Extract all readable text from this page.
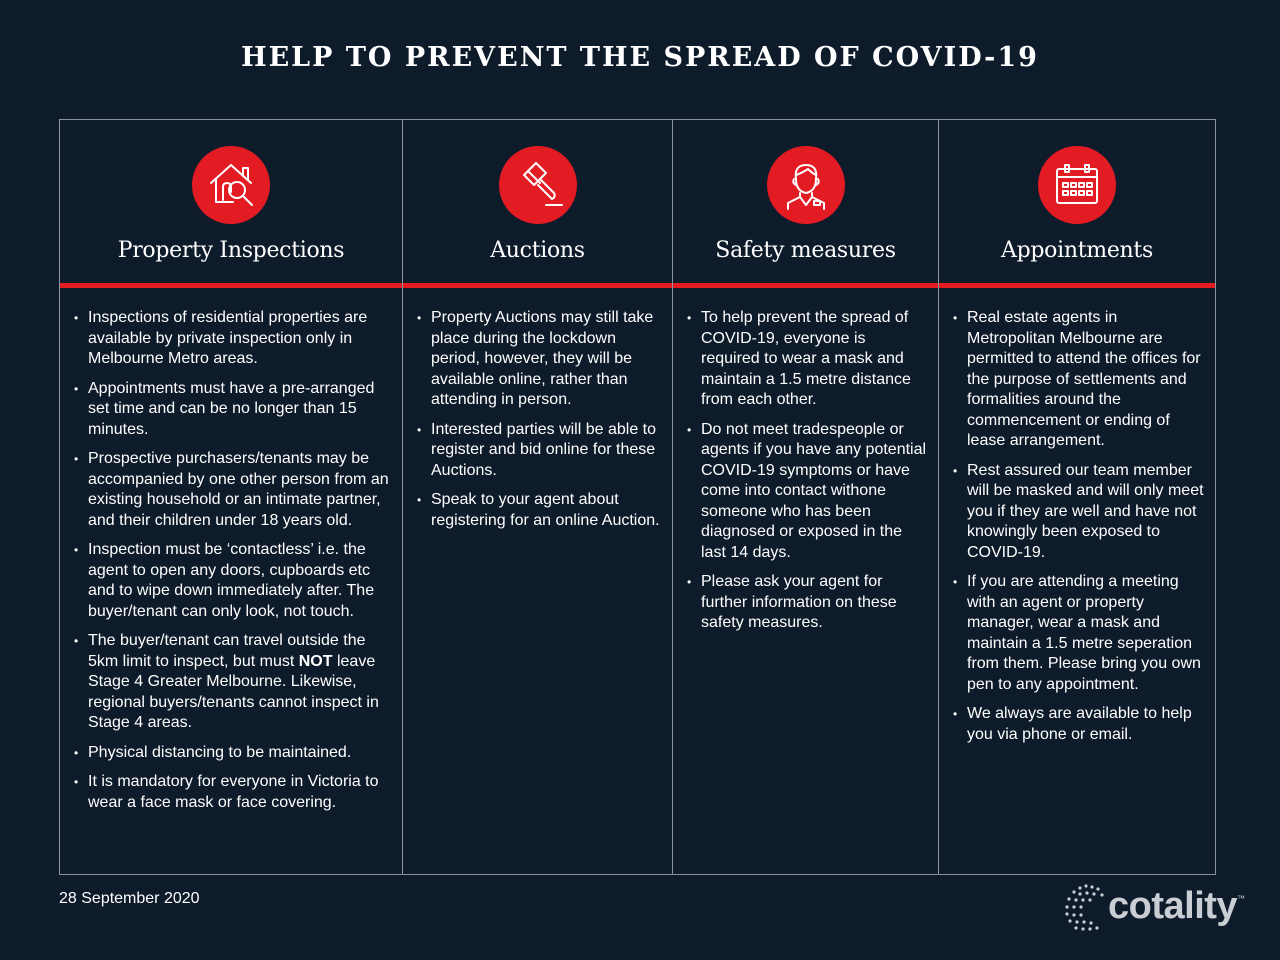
HELP TO PREVENT THE SPREAD OF COVID-19
Property Inspections
• Inspections of residential properties are available by private inspection only in Melbourne Metro areas.
• Appointments must have a pre-arranged set time and can be no longer than 15 minutes.
• Prospective purchasers/tenants may be accompanied by one other person from an existing household or an intimate partner, and their children under 18 years old.
• Inspection must be ‘contactless’ i.e. the agent to open any doors, cupboards etc and to wipe down immediately after. The buyer/tenant can only look, not touch.
• The buyer/tenant can travel outside the 5km limit to inspect, but must NOT leave Stage 4 Greater Melbourne. Likewise, regional buyers/tenants cannot inspect in Stage 4 areas.
• Physical distancing to be maintained.
• It is mandatory for everyone in Victoria to wear a face mask or face covering.
Auctions
• Property Auctions may still take place during the lockdown period, however, they will be available online, rather than attending in person.
• Interested parties will be able to register and bid online for these Auctions.
• Speak to your agent about registering for an online Auction.
Safety measures
• To help prevent the spread of COVID-19, everyone is required to wear a mask and maintain a 1.5 metre distance from each other.
• Do not meet tradespeople or agents if you have any potential COVID-19 symptoms or have come into contact withone someone who has been diagnosed or exposed in the last 14 days.
• Please ask your agent for further information on these safety measures.
Appointments
• Real estate agents in Metropolitan Melbourne are permitted to attend the offices for the purpose of settlements and formalities around the commencement or ending of lease arrangement.
• Rest assured our team member will be masked and will only meet you if they are well and have not knowingly been exposed to COVID-19.
• If you are attending a meeting with an agent or property manager, wear a mask and maintain a 1.5 metre seperation from them. Please bring you own pen to any appointment.
• We always are available to help you via phone or email.
28 September 2020	cotality ™
